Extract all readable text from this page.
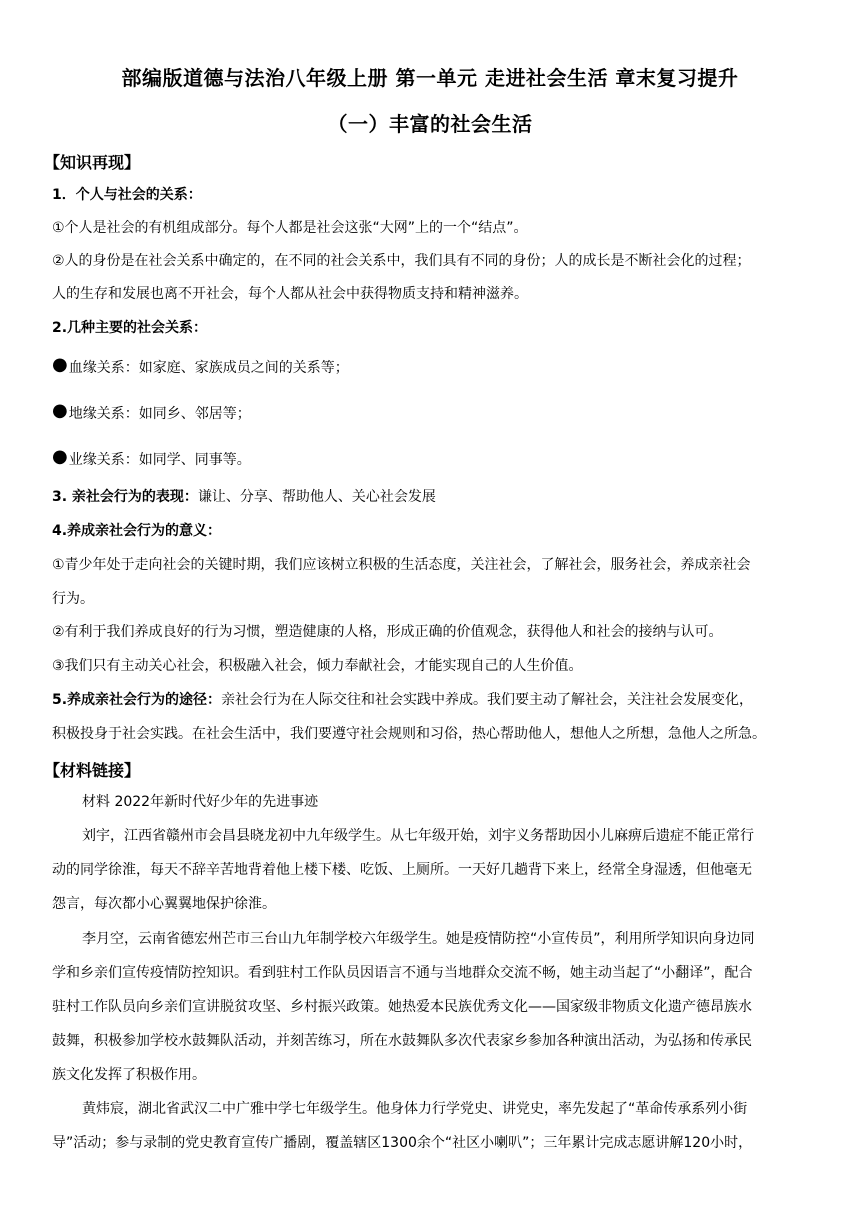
部编版道德与法治八年级上册 第一单元 走进社会生活 章末复习提升
（一）丰富的社会生活
【知识再现】
1．个人与社会的关系：
①个人是社会的有机组成部分。每个人都是社会这张“大网”上的一个“结点”。
②人的身份是在社会关系中确定的，在不同的社会关系中，我们具有不同的身份；人的成长是不断社会化的过程；
人的生存和发展也离不开社会，每个人都从社会中获得物质支持和精神滋养。
2.几种主要的社会关系：
●血缘关系：如家庭、家族成员之间的关系等；
●地缘关系：如同乡、邻居等；
●业缘关系：如同学、同事等。
3. 亲社会行为的表现：谦让、分享、帮助他人、关心社会发展
4.养成亲社会行为的意义：
①青少年处于走向社会的关键时期，我们应该树立积极的生活态度，关注社会，了解社会，服务社会，养成亲社会
行为。
②有利于我们养成良好的行为习惯，塑造健康的人格，形成正确的价值观念，获得他人和社会的接纳与认可。
③我们只有主动关心社会，积极融入社会，倾力奉献社会，才能实现自己的人生价值。
5.养成亲社会行为的途径：亲社会行为在人际交往和社会实践中养成。我们要主动了解社会，关注社会发展变化，
积极投身于社会实践。在社会生活中，我们要遵守社会规则和习俗，热心帮助他人，想他人之所想，急他人之所急。
【材料链接】
材料 2022年新时代好少年的先进事迹
刘宇，江西省赣州市会昌县晓龙初中九年级学生。从七年级开始，刘宇义务帮助因小儿麻痹后遗症不能正常行
动的同学徐淮，每天不辞辛苦地背着他上楼下楼、吃饭、上厕所。一天好几趟背下来上，经常全身湿透，但他毫无
怨言，每次都小心翼翼地保护徐淮。
李月空，云南省德宏州芒市三台山九年制学校六年级学生。她是疫情防控“小宣传员”，利用所学知识向身边同
学和乡亲们宣传疫情防控知识。看到驻村工作队员因语言不通与当地群众交流不畅，她主动当起了“小翻译”，配合
驻村工作队员向乡亲们宣讲脱贫攻坚、乡村振兴政策。她热爱本民族优秀文化——国家级非物质文化遗产德昂族水
鼓舞，积极参加学校水鼓舞队活动，并刻苦练习，所在水鼓舞队多次代表家乡参加各种演出活动，为弘扬和传承民
族文化发挥了积极作用。
黄炜宸，湖北省武汉二中广雅中学七年级学生。他身体力行学党史、讲党史，率先发起了“革命传承系列小街
导”活动；参与录制的党史教育宣传广播剧，覆盖辖区1300余个“社区小喇叭”；三年累计完成志愿讲解120小时，
